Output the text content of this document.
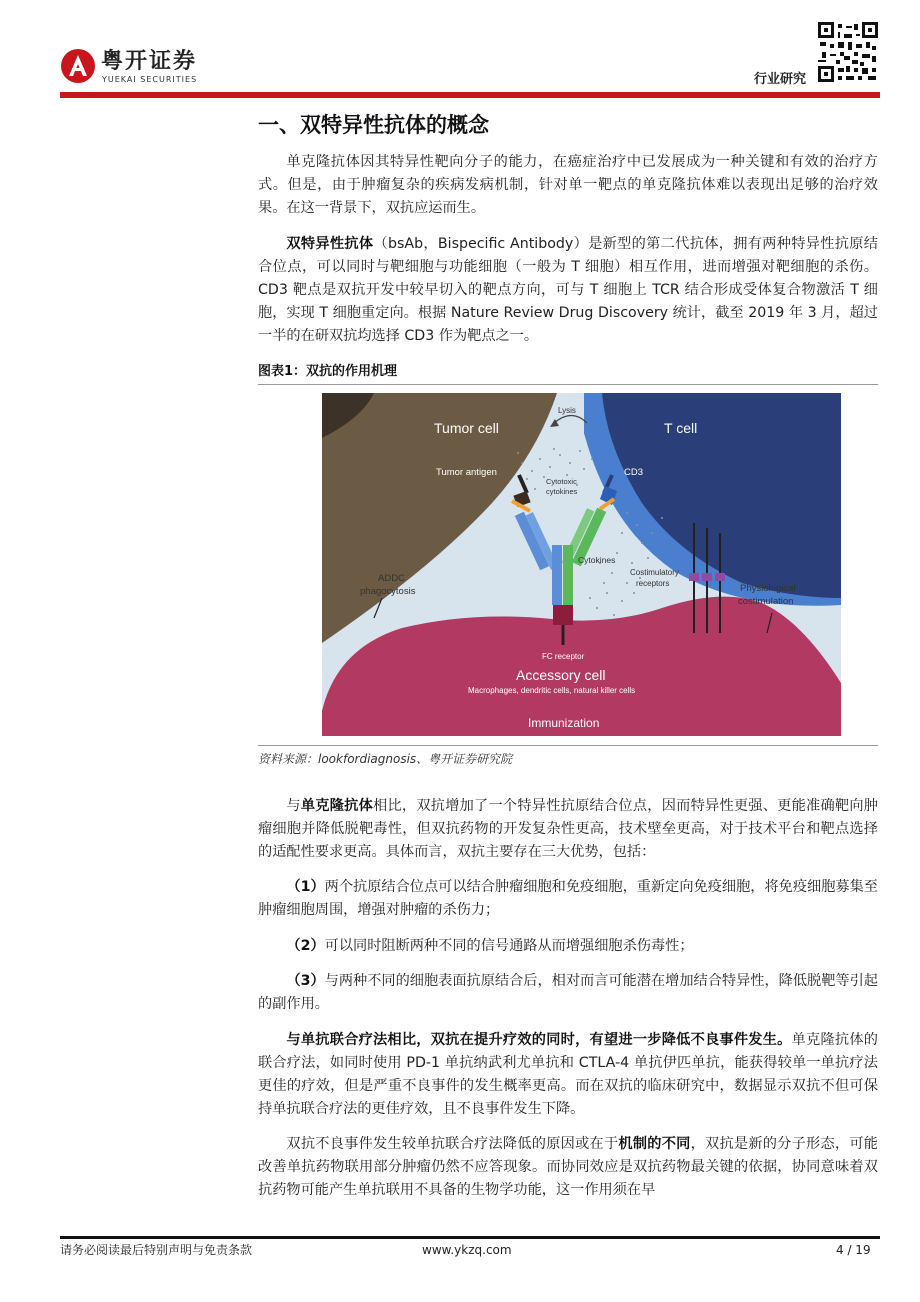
粤开证券
YUEKAI SECURITIES	行业研究
一、双特异性抗体的概念

单克隆抗体因其特异性靶向分子的能力，在癌症治疗中已发展成为一种关键和有效的治疗方式。但是，由于肿瘤复杂的疾病发病机制，针对单一靶点的单克隆抗体难以表现出足够的治疗效果。在这一背景下，双抗应运而生。

双特异性抗体（bsAb，Bispecific Antibody）是新型的第二代抗体，拥有两种特异性抗原结合位点，可以同时与靶细胞与功能细胞（一般为 T 细胞）相互作用，进而增强对靶细胞的杀伤。CD3 靶点是双抗开发中较早切入的靶点方向，可与 T 细胞上 TCR 结合形成受体复合物激活 T 细胞，实现 T 细胞重定向。根据 Nature Review Drug Discovery 统计，截至 2019 年 3 月，超过一半的在研双抗均选择 CD3 作为靶点之一。

图表1：双抗的作用机理
Tumor cell	T cell
Lysis
Tumor antigen	CD3
Cytotoxic
cytokines
Cytokines
Costimulatory
receptors
ADDC
phagocytosis	Physiological
costimulation
FC receptor
Accessory cell
Macrophages, dendritic cells, natural killer cells
Immunization
资料来源：lookfordiagnosis、粤开证券研究院

与单克隆抗体相比，双抗增加了一个特异性抗原结合位点，因而特异性更强、更能准确靶向肿瘤细胞并降低脱靶毒性，但双抗药物的开发复杂性更高，技术壁垒更高，对于技术平台和靶点选择的适配性要求更高。具体而言，双抗主要存在三大优势，包括：

（1）两个抗原结合位点可以结合肿瘤细胞和免疫细胞，重新定向免疫细胞，将免疫细胞募集至肿瘤细胞周围，增强对肿瘤的杀伤力；

（2）可以同时阻断两种不同的信号通路从而增强细胞杀伤毒性；

（3）与两种不同的细胞表面抗原结合后，相对而言可能潜在增加结合特异性，降低脱靶等引起的副作用。

与单抗联合疗法相比，双抗在提升疗效的同时，有望进一步降低不良事件发生。单克隆抗体的联合疗法，如同时使用 PD-1 单抗纳武利尤单抗和 CTLA-4 单抗伊匹单抗，能获得较单一单抗疗法更佳的疗效，但是严重不良事件的发生概率更高。而在双抗的临床研究中，数据显示双抗不但可保持单抗联合疗法的更佳疗效，且不良事件发生下降。

双抗不良事件发生较单抗联合疗法降低的原因或在于机制的不同，双抗是新的分子形态，可能改善单抗药物联用部分肿瘤仍然不应答现象。而协同效应是双抗药物最关键的依据，协同意味着双抗药物可能产生单抗联用不具备的生物学功能，这一作用须在早

请务必阅读最后特别声明与免责条款	www.ykzq.com	4 / 19
